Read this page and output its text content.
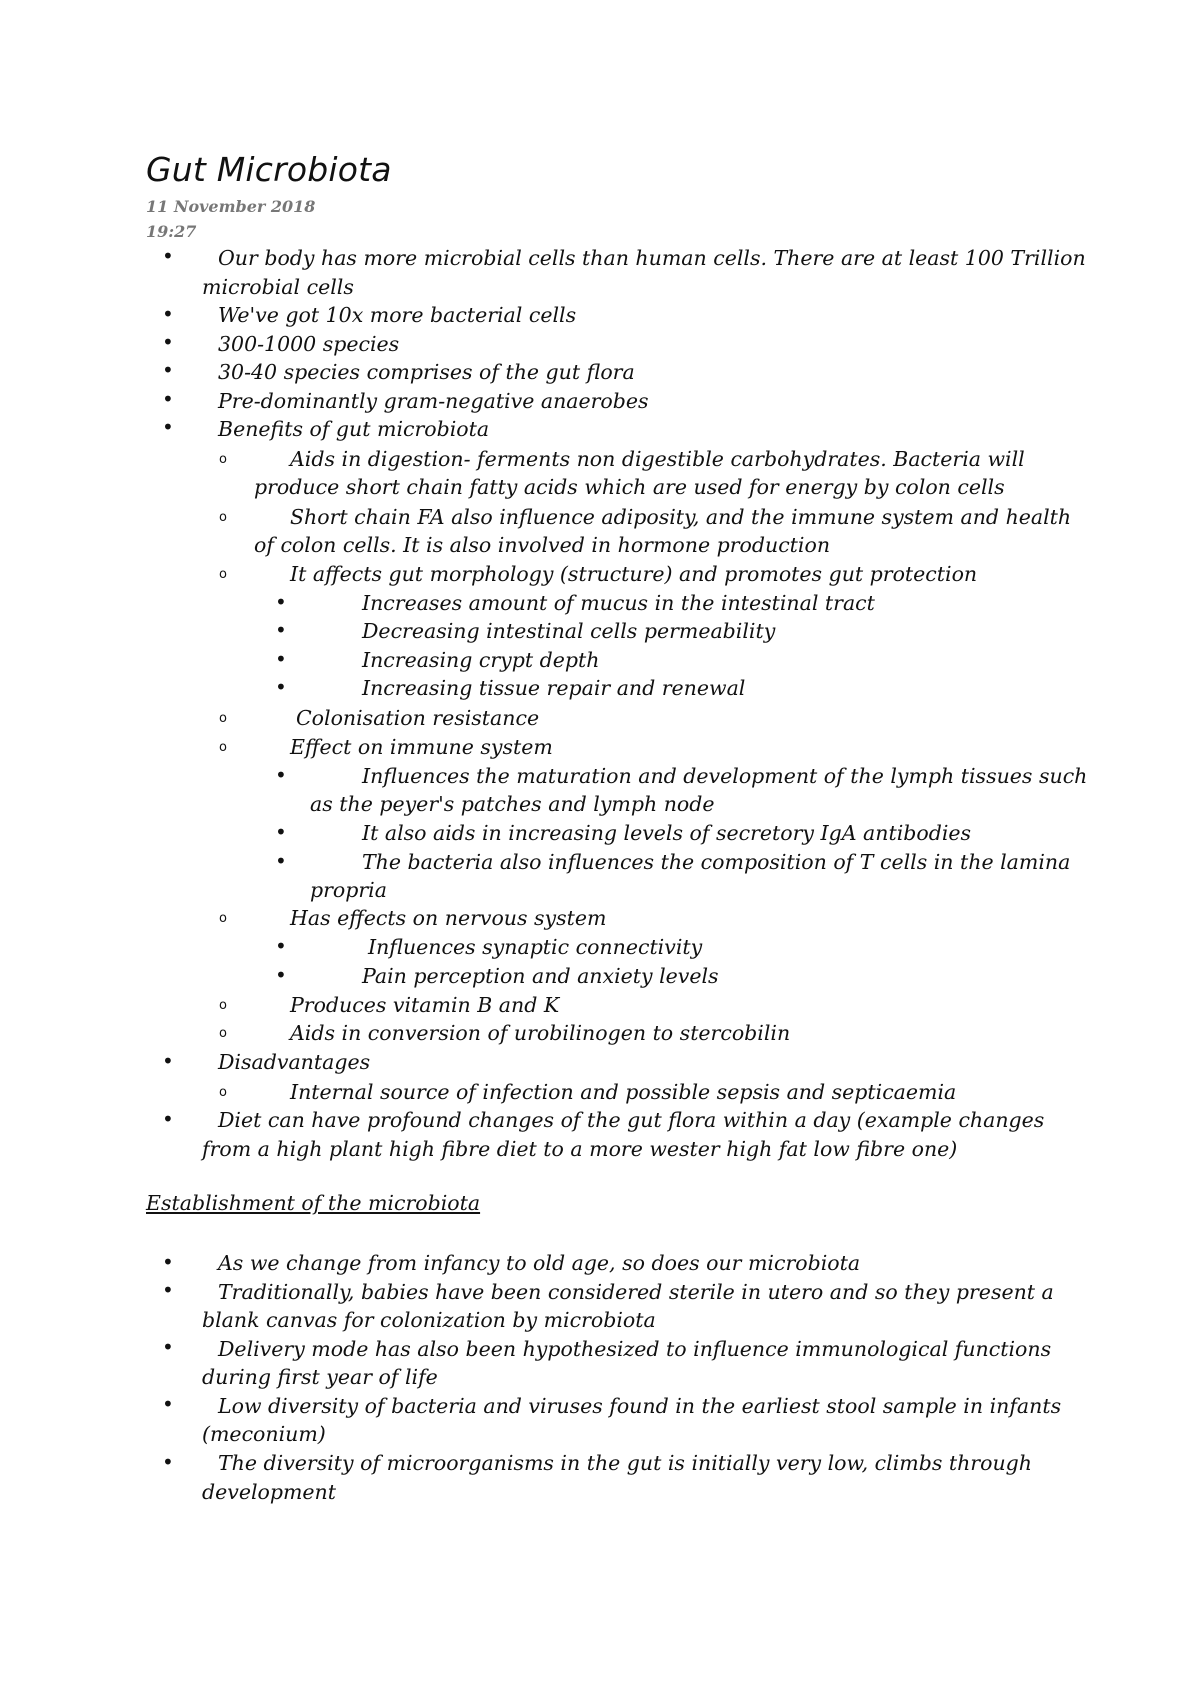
Gut Microbiota
11 November 2018
19:27
• Our body has more microbial cells than human cells. There are at least 100 Trillion
microbial cells
• We've got 10x more bacterial cells
• 300-1000 species
• 30-40 species comprises of the gut flora
• Pre-dominantly gram-negative anaerobes
• Benefits of gut microbiota
o	Aids in digestion- ferments non digestible carbohydrates. Bacteria will
produce short chain fatty acids which are used for energy by colon cells
o	Short chain FA also influence adiposity, and the immune system and health
of colon cells. It is also involved in hormone production
o	It affects gut morphology (structure) and promotes gut protection
•	Increases amount of mucus in the intestinal tract
•	Decreasing intestinal cells permeability
•	Increasing crypt depth
•	Increasing tissue repair and renewal
o	Colonisation resistance
o	Effect on immune system
•	Influences the maturation and development of the lymph tissues such
as the peyer's patches and lymph node
•	It also aids in increasing levels of secretory IgA antibodies
•	The bacteria also influences the composition of T cells in the lamina
propria
o	Has effects on nervous system
•	Influences synaptic connectivity
•	Pain perception and anxiety levels
o	Produces vitamin B and K
o	Aids in conversion of urobilinogen to stercobilin
• Disadvantages
o	Internal source of infection and possible sepsis and septicaemia
• Diet can have profound changes of the gut flora within a day (example changes
from a high plant high fibre diet to a more wester high fat low fibre one)
Establishment of the microbiota
• As we change from infancy to old age, so does our microbiota
• Traditionally, babies have been considered sterile in utero and so they present a
blank canvas for colonization by microbiota
• Delivery mode has also been hypothesized to influence immunological functions
during first year of life
• Low diversity of bacteria and viruses found in the earliest stool sample in infants
(meconium)
• The diversity of microorganisms in the gut is initially very low, climbs through
development
